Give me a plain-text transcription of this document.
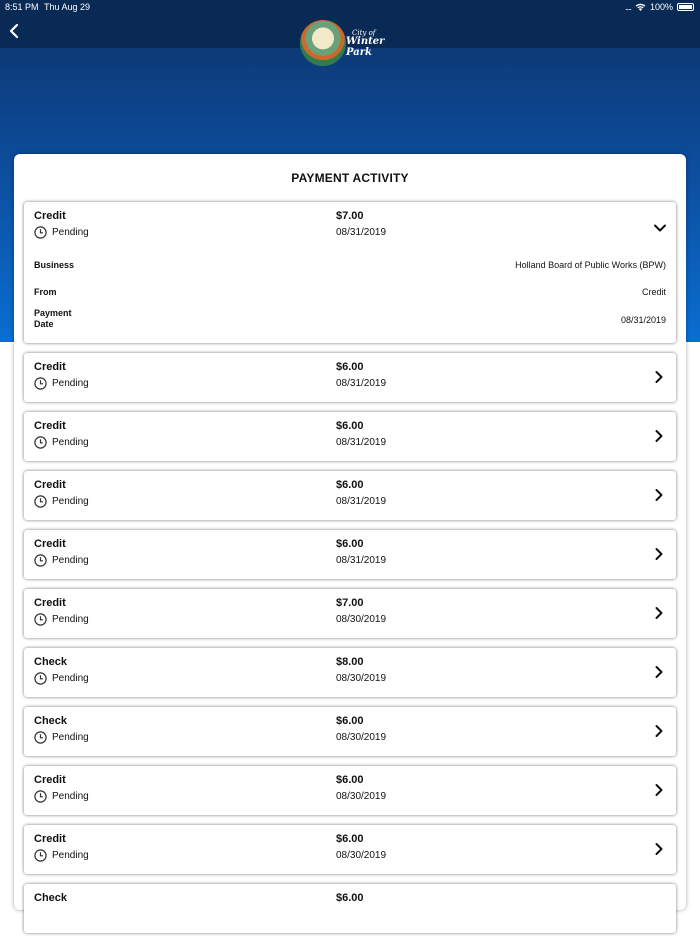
8:51 PM Thu Aug 29	.... 100%
City of
Winter Park
PAYMENT ACTIVITY
Credit
Pending
$7.00
08/31/2019
Business	Holland Board of Public Works (BPW)
From	Credit
Payment Date	08/31/2019
Credit
Pending
$6.00
08/31/2019
Credit
Pending
$6.00
08/31/2019
Credit
Pending
$6.00
08/31/2019
Credit
Pending
$6.00
08/31/2019
Credit
Pending
$7.00
08/30/2019
Check
Pending
$8.00
08/30/2019
Check
Pending
$6.00
08/30/2019
Credit
Pending
$6.00
08/30/2019
Credit
Pending
$6.00
08/30/2019
Check	$6.00
